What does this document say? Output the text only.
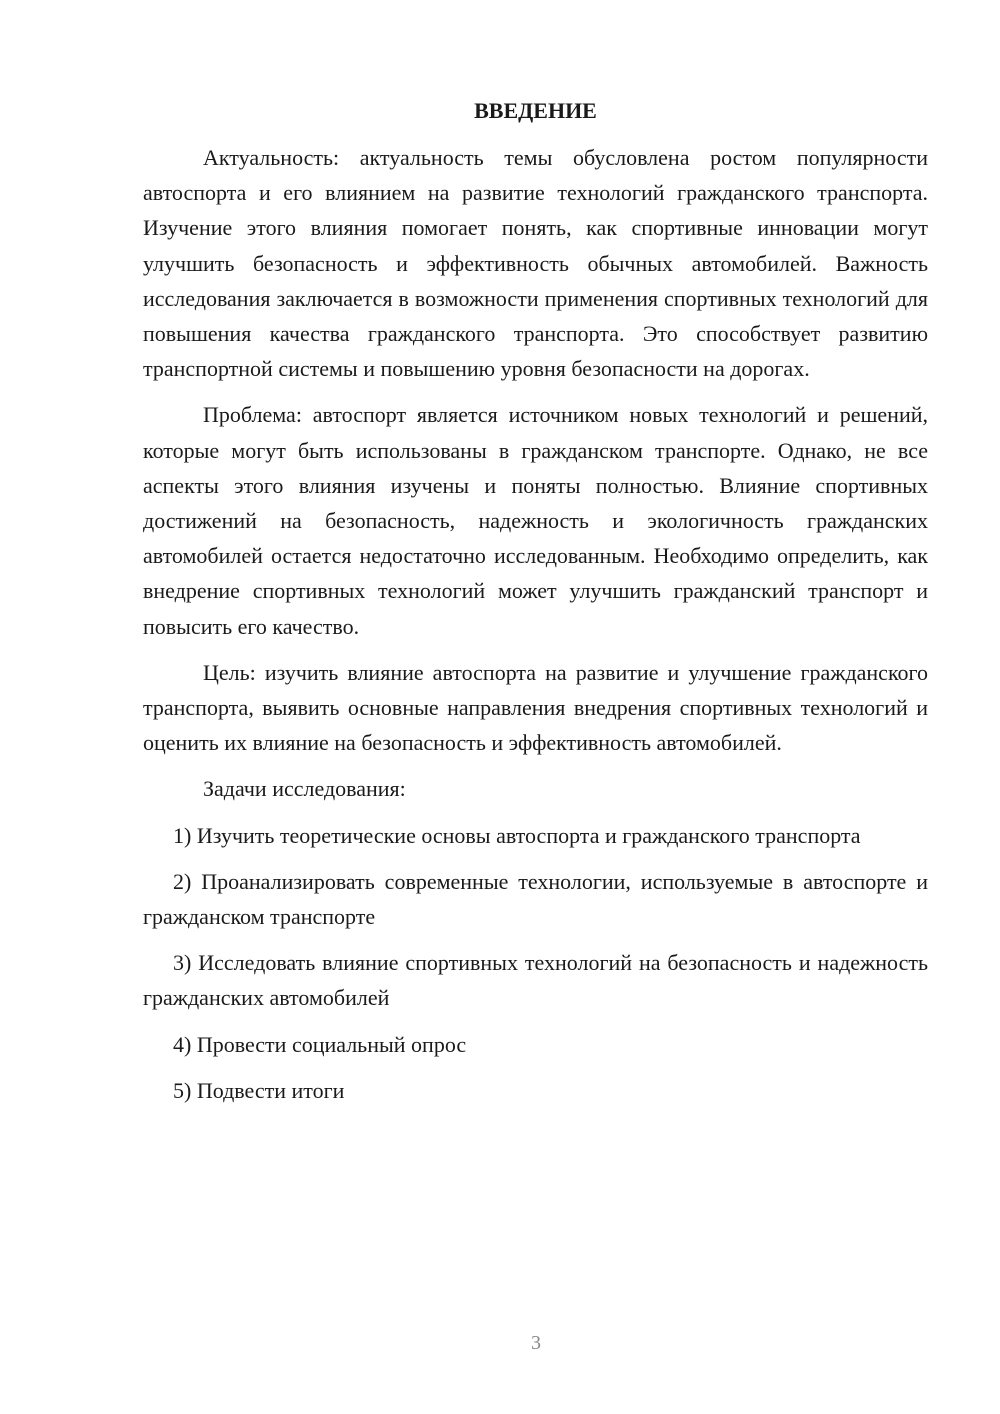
ВВЕДЕНИЕ

Актуальность: актуальность темы обусловлена ростом популярности автоспорта и его влиянием на развитие технологий гражданского транспорта. Изучение этого влияния помогает понять, как спортивные инновации могут улучшить безопасность и эффективность обычных автомобилей. Важность исследования заключается в возможности применения спортивных технологий для повышения качества гражданского транспорта. Это способствует развитию транспортной системы и повышению уровня безопасности на дорогах.

Проблема: автоспорт является источником новых технологий и решений, которые могут быть использованы в гражданском транспорте. Однако, не все аспекты этого влияния изучены и поняты полностью. Влияние спортивных достижений на безопасность, надежность и экологичность гражданских автомобилей остается недостаточно исследованным. Необходимо определить, как внедрение спортивных технологий может улучшить гражданский транспорт и повысить его качество.

Цель: изучить влияние автоспорта на развитие и улучшение гражданского транспорта, выявить основные направления внедрения спортивных технологий и оценить их влияние на безопасность и эффективность автомобилей.

Задачи исследования:

1) Изучить теоретические основы автоспорта и гражданского транспорта

2) Проанализировать современные технологии, используемые в автоспорте и гражданском транспорте

3) Исследовать влияние спортивных технологий на безопасность и надежность гражданских автомобилей

4) Провести социальный опрос

5) Подвести итоги

3
